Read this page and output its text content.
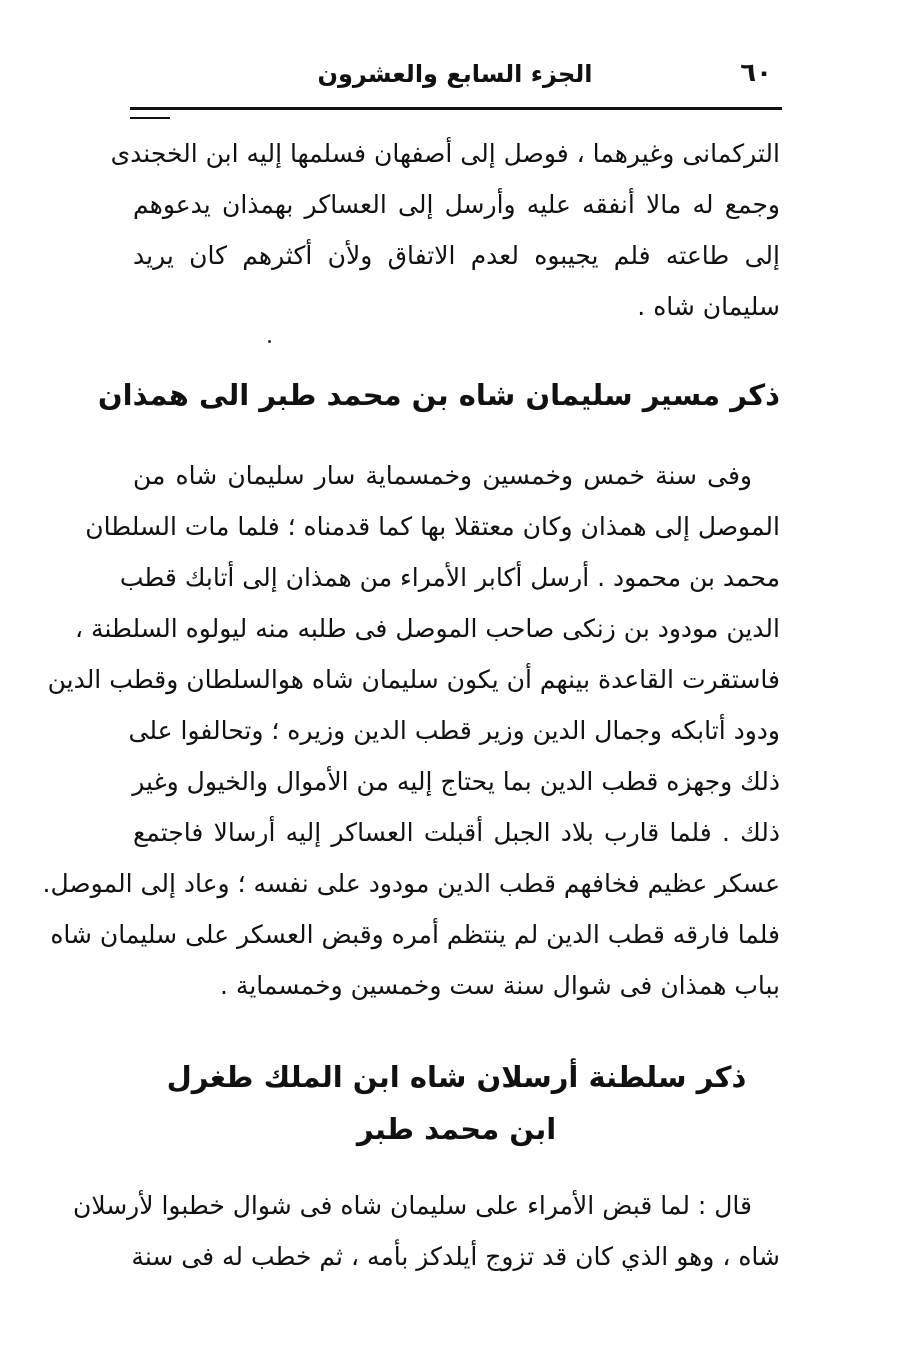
٦٠
الجزء السابع والعشرون
التركمانى وغيرهما ، فوصل إلى أصفهان فسلمها إليه ابن الخجندى
وجمع له مالا أنفقه عليه وأرسل إلى العساكر بهمذان يدعوهم
إلى طاعته فلم يجيبوه لعدم الاتفاق ولأن أكثرهم كان يريد
سليمان شاه .
ذكر مسير سليمان شاه بن محمد طبر الى همذان
وفى سنة خمس وخمسين وخمسماية سار سليمان شاه من
الموصل إلى همذان وكان معتقلا بها كما قدمناه ؛ فلما مات السلطان
محمد بن محمود . أرسل أكابر الأمراء من همذان إلى أتابك قطب
الدين مودود بن زنكى صاحب الموصل فى طلبه منه ليولوه السلطنة ،
فاستقرت القاعدة بينهم أن يكون سليمان شاه هوالسلطان وقطب الدين
ودود أتابكه وجمال الدين وزير قطب الدين وزيره ؛ وتحالفوا على
ذلك وجهزه قطب الدين بما يحتاج إليه من الأموال والخيول وغير
ذلك . فلما قارب بلاد الجبل أقبلت العساكر إليه أرسالا فاجتمع
عسكر عظيم فخافهم قطب الدين مودود على نفسه ؛ وعاد إلى الموصل.
فلما فارقه قطب الدين لم ينتظم أمره وقبض العسكر على سليمان شاه
بباب همذان فى شوال سنة ست وخمسين وخمسماية .
ذكر سلطنة أرسلان شاه ابن الملك طغرل
ابن محمد طبر
قال : لما قبض الأمراء على سليمان شاه فى شوال خطبوا لأرسلان
شاه ، وهو الذي كان قد تزوج أيلدكز بأمه ، ثم خطب له فى سنة
